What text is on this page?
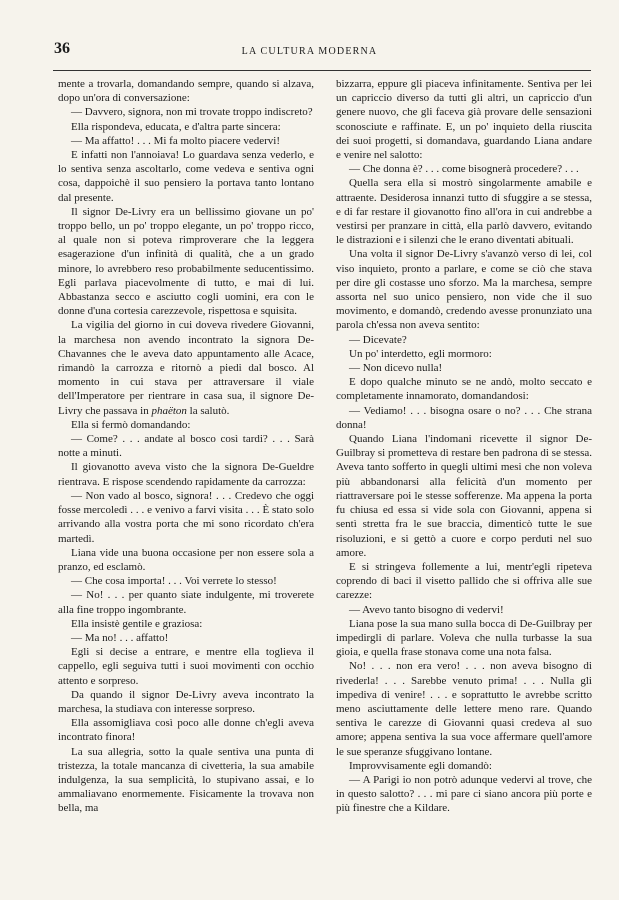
36	LA CULTURA MODERNA

mente a trovarla, domandando sempre, quando si alzava, dopo un'ora di conversazione:

— Davvero, signora, non mi trovate troppo indiscreto?

Ella rispondeva, educata, e d'altra parte sincera:

— Ma affatto! . . . Mi fa molto piacere vedervi!

E infatti non l'annoiava! Lo guardava senza vederlo, e lo sentiva senza ascoltarlo, come vedeva e sentiva ogni cosa, dappoichè il suo pensiero la portava tanto lontano dal presente.

Il signor De-Livry era un bellissimo giovane un po' troppo bello, un po' troppo elegante, un po' troppo ricco, al quale non si poteva rimproverare che la leggera esagerazione d'un infinità di qualità, che a un grado minore, lo avrebbero reso probabilmente seducentissimo. Egli parlava piacevolmente di tutto, e mai di lui. Abbastanza secco e asciutto cogli uomini, era con le donne d'una cortesia carezzevole, rispettosa e squisita.

La vigilia del giorno in cui doveva rivedere Giovanni, la marchesa non avendo incontrato la signora De-Chavannes che le aveva dato appuntamento alle Acace, rimandò la carrozza e ritornò a piedi dal bosco. Al momento in cui stava per attraversare il viale dell'Imperatore per rientrare in casa sua, il signore De-Livry che passava in phaëton la salutò.

Ella si fermò domandando:

— Come? . . . andate al bosco così tardi? . . . Sarà notte a minuti.

Il giovanotto aveva visto che la signora De-Gueldre rientrava. E rispose scendendo rapidamente da carrozza:

— Non vado al bosco, signora! . . . Credevo che oggi fosse mercoledì . . . e venivo a farvi visita . . . È stato solo arrivando alla vostra porta che mi sono ricordato ch'era martedì.

Liana vide una buona occasione per non essere sola a pranzo, ed esclamò.

— Che cosa importa! . . . Voi verrete lo stesso!

— No! . . . per quanto siate indulgente, mi troverete alla fine troppo ingombrante.

Ella insistè gentile e graziosa:

— Ma no! . . . affatto!

Egli si decise a entrare, e mentre ella toglieva il cappello, egli seguiva tutti i suoi movimenti con occhio attento e sorpreso.

Da quando il signor De-Livry aveva incontrato la marchesa, la studiava con interesse sorpreso.

Ella assomigliava così poco alle donne ch'egli aveva incontrato finora!

La sua allegria, sotto la quale sentiva una punta di tristezza, la totale mancanza di civetteria, la sua amabile indulgenza, la sua semplicità, lo stupivano assai, e lo ammaliavano enormemente. Fisicamente la trovava non bella, ma

bizzarra, eppure gli piaceva infinitamente. Sentiva per lei un capriccio diverso da tutti gli altri, un capriccio d'un genere nuovo, che gli faceva già provare delle sensazioni sconosciute e raffinate. E, un po' inquieto della riuscita dei suoi progetti, si domandava, guardando Liana andare e venire nel salotto:

— Che donna è? . . . come bisognerà procedere? . . .

Quella sera ella si mostrò singolarmente amabile e attraente. Desiderosa innanzi tutto di sfuggire a se stessa, e di far restare il giovanotto fino all'ora in cui andrebbe a vestirsi per pranzare in città, ella parlò davvero, evitando le distrazioni e i silenzi che le erano diventati abituali.

Una volta il signor De-Livry s'avanzò verso di lei, col viso inquieto, pronto a parlare, e come se ciò che stava per dire gli costasse uno sforzo. Ma la marchesa, sempre assorta nel suo unico pensiero, non vide che il suo movimento, e domandò, credendo avesse pronunziato una parola ch'essa non aveva sentito:

— Dicevate?

Un po' interdetto, egli mormoro:

— Non dicevo nulla!

E dopo qualche minuto se ne andò, molto seccato e completamente innamorato, domandandosi:

— Vediamo! . . . bisogna osare o no? . . . Che strana donna!

Quando Liana l'indomani ricevette il signor De-Guilbray si prometteva di restare ben padrona di se stessa. Aveva tanto sofferto in quegli ultimi mesi che non voleva più abbandonarsi alla felicità d'un momento per riattraversare poi le stesse sofferenze. Ma appena la porta fu chiusa ed essa si vide sola con Giovanni, appena si sentì stretta fra le sue braccia, dimenticò tutte le sue risoluzioni, e si gettò a cuore e corpo perduti nel suo amore.

E si stringeva follemente a lui, mentr'egli ripeteva coprendo di baci il visetto pallido che si offriva alle sue carezze:

— Avevo tanto bisogno di vedervi!

Liana pose la sua mano sulla bocca di De-Guilbray per impedirgli di parlare. Voleva che nulla turbasse la sua gioia, e quella frase stonava come una nota falsa.

No! . . . non era vero! . . . non aveva bisogno di rivederla! . . . Sarebbe venuto prima! . . . Nulla gli impediva di venire! . . . e soprattutto le avrebbe scritto meno asciuttamente delle lettere meno rare. Quando sentiva le carezze di Giovanni quasi credeva al suo amore; appena sentiva la sua voce affermare quell'amore le sue speranze sfuggivano lontane.

Improvvisamente egli domandò:

— A Parigi io non potrò adunque vedervi al trove, che in questo salotto? . . . mi pare ci siano ancora più porte e più finestre che a Kildare.
